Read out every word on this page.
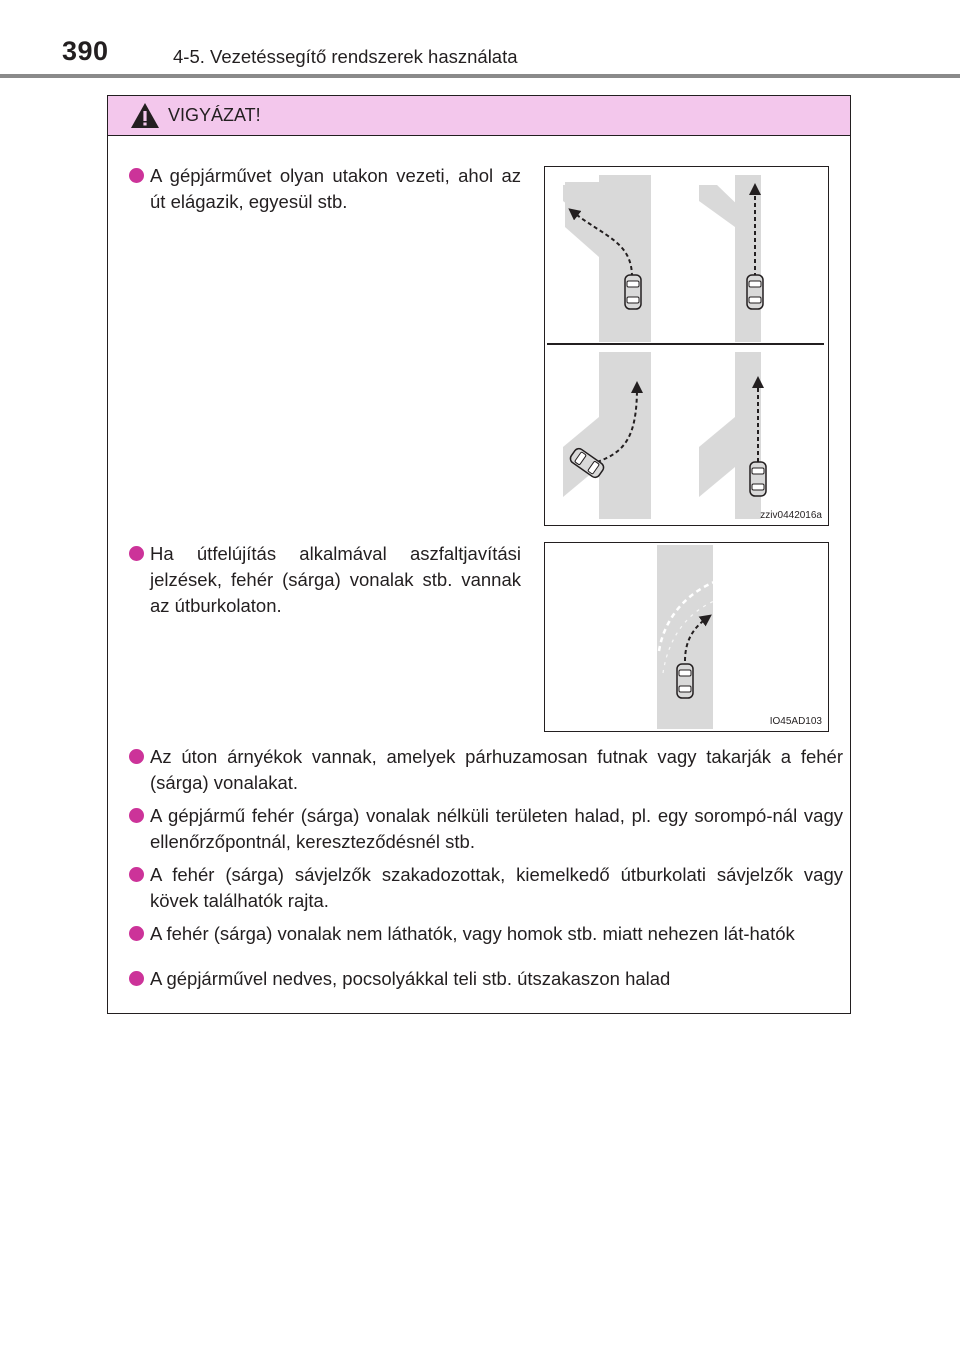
390	4-5. Vezetéssegítő rendszerek használata
VIGYÁZAT!
A gépjárművet olyan utakon vezeti, ahol az út elágazik, egyesül stb.
zziv0442016a
Ha útfelújítás alkalmával aszfaltjavítási jelzések, fehér (sárga) vonalak stb. vannak az útburkolaton.
IO45AD103
Az úton árnyékok vannak, amelyek párhuzamosan futnak vagy takarják a fehér (sárga) vonalakat.
A gépjármű fehér (sárga) vonalak nélküli területen halad, pl. egy sorompó-nál vagy ellenőrzőpontnál, kereszteződésnél stb.
A fehér (sárga) sávjelzők szakadozottak, kiemelkedő útburkolati sávjelzők vagy kövek találhatók rajta.
A fehér (sárga) vonalak nem láthatók, vagy homok stb. miatt nehezen lát-hatók
A gépjárművel nedves, pocsolyákkal teli stb. útszakaszon halad
